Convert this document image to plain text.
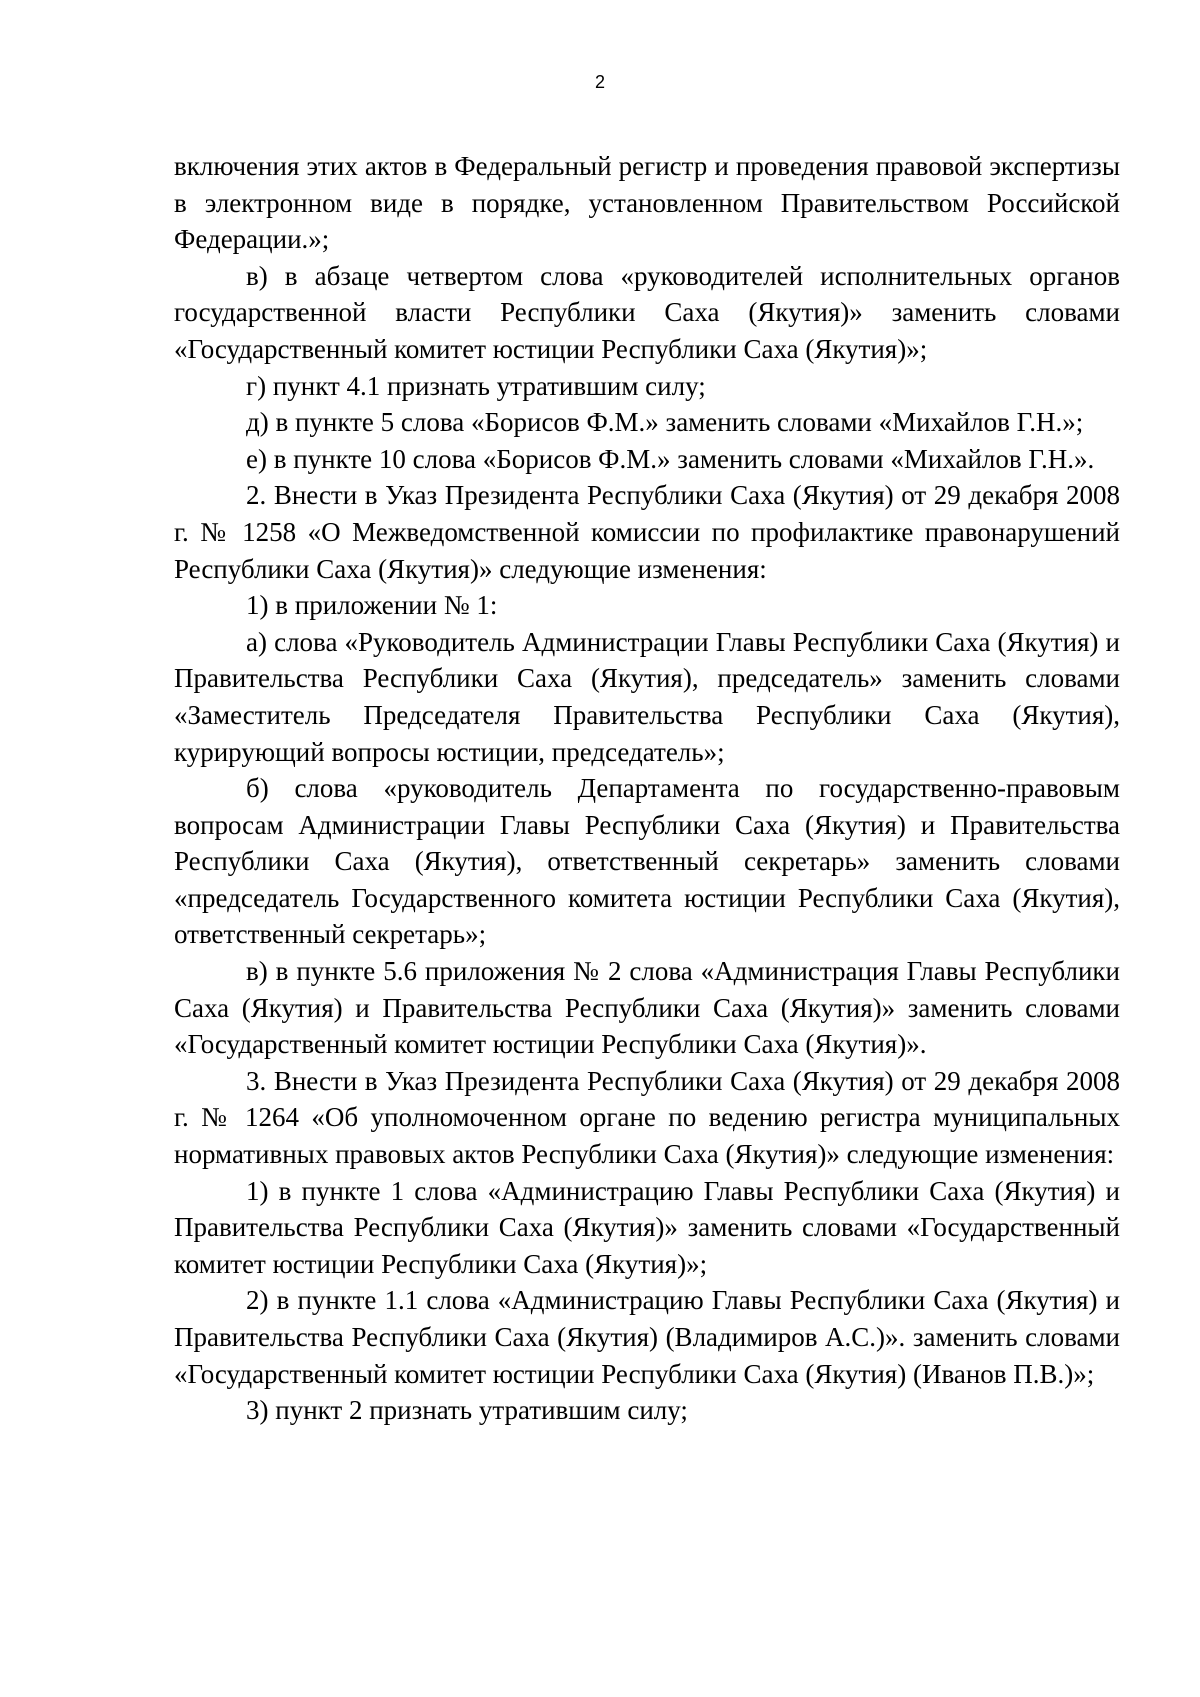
2

включения этих актов в Федеральный регистр и проведения правовой экспертизы в электронном виде в порядке, установленном Правительством Российской Федерации.»;

в) в абзаце четвертом слова «руководителей исполнительных органов государственной власти Республики Саха (Якутия)» заменить словами «Государственный комитет юстиции Республики Саха (Якутия)»;

г) пункт 4.1 признать утратившим силу;

д) в пункте 5 слова «Борисов Ф.М.» заменить словами «Михайлов Г.Н.»;

е) в пункте 10 слова «Борисов Ф.М.» заменить словами «Михайлов Г.Н.».

2. Внести в Указ Президента Республики Саха (Якутия) от 29 декабря 2008 г. № 1258 «О Межведомственной комиссии по профилактике правонарушений Республики Саха (Якутия)» следующие изменения:

1) в приложении № 1:

а) слова «Руководитель Администрации Главы Республики Саха (Якутия) и Правительства Республики Саха (Якутия), председатель» заменить словами «Заместитель Председателя Правительства Республики Саха (Якутия), курирующий вопросы юстиции, председатель»;

б) слова «руководитель Департамента по государственно-правовым вопросам Администрации Главы Республики Саха (Якутия) и Правительства Республики Саха (Якутия), ответственный секретарь» заменить словами «председатель Государственного комитета юстиции Республики Саха (Якутия), ответственный секретарь»;

в) в пункте 5.6 приложения № 2 слова «Администрация Главы Республики Саха (Якутия) и Правительства Республики Саха (Якутия)» заменить словами «Государственный комитет юстиции Республики Саха (Якутия)».

3. Внести в Указ Президента Республики Саха (Якутия) от 29 декабря 2008 г. № 1264 «Об уполномоченном органе по ведению регистра муниципальных нормативных правовых актов Республики Саха (Якутия)» следующие изменения:

1) в пункте 1 слова «Администрацию Главы Республики Саха (Якутия) и Правительства Республики Саха (Якутия)» заменить словами «Государственный комитет юстиции Республики Саха (Якутия)»;

2) в пункте 1.1 слова «Администрацию Главы Республики Саха (Якутия) и Правительства Республики Саха (Якутия) (Владимиров А.С.)». заменить словами «Государственный комитет юстиции Республики Саха (Якутия) (Иванов П.В.)»;

3) пункт 2 признать утратившим силу;
